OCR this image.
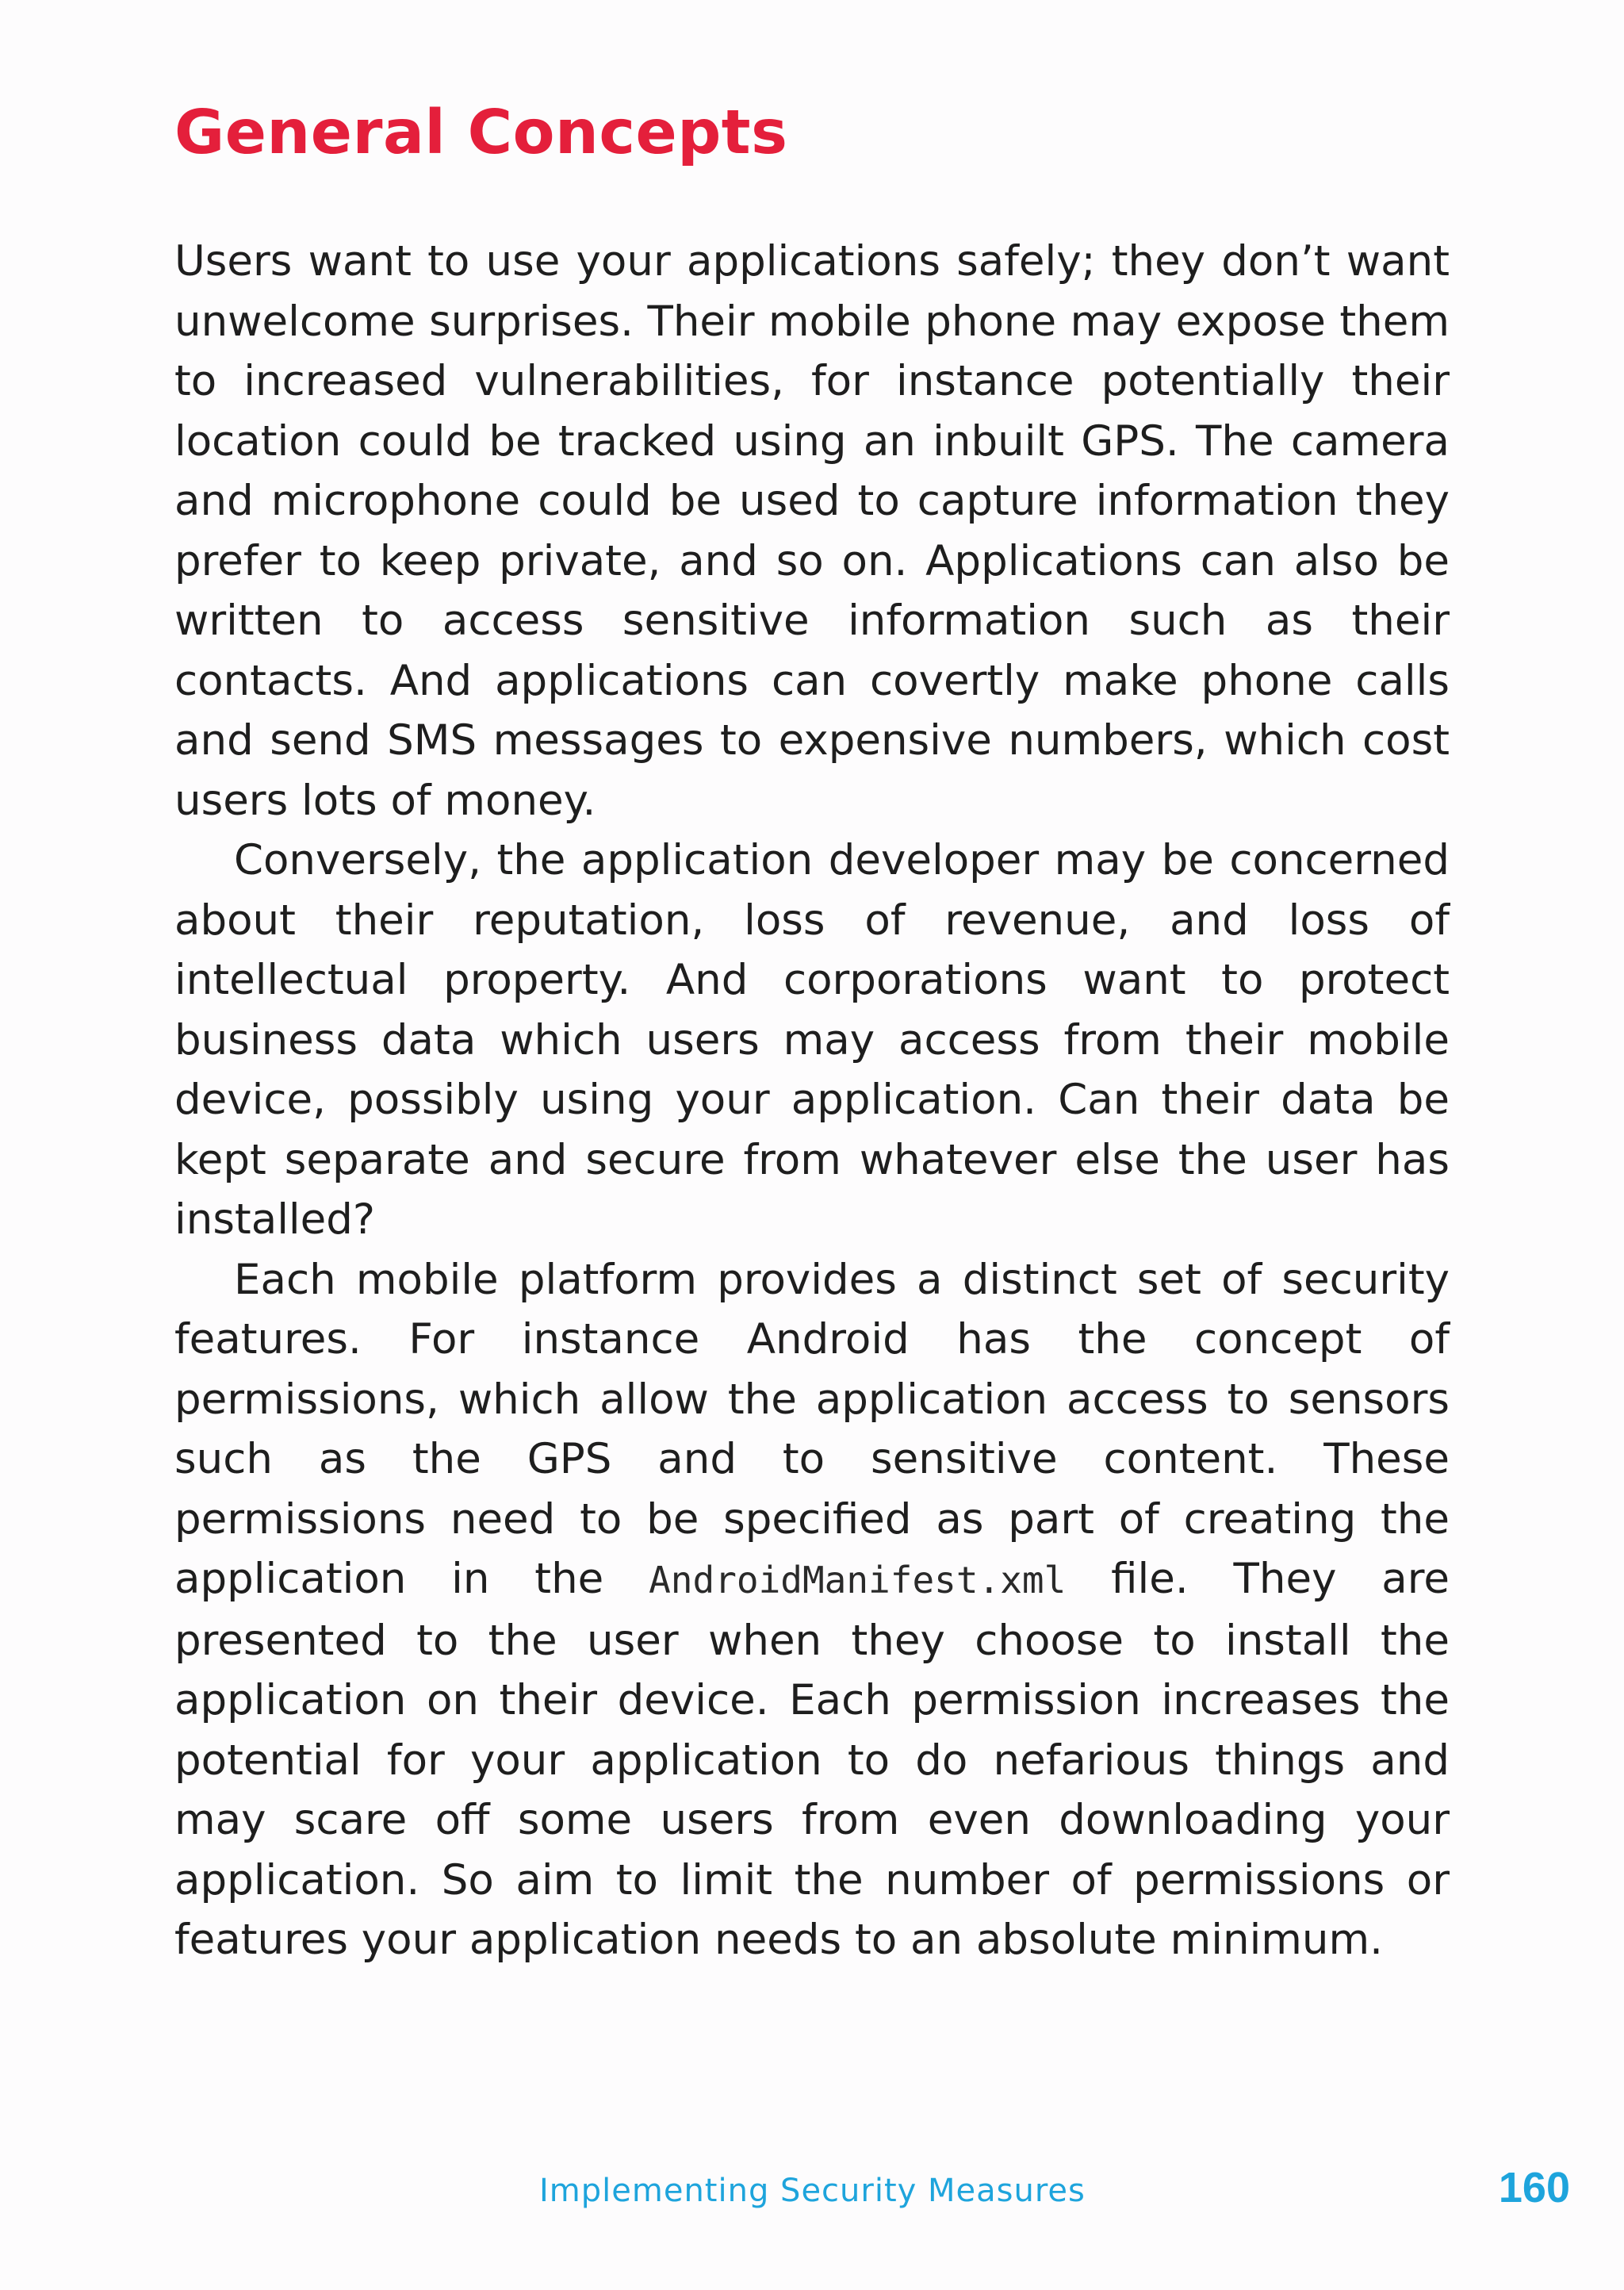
General Concepts

Users want to use your applications safely; they don’t want unwelcome surprises. Their mobile phone may expose them to increased vulnerabilities, for instance potentially their location could be tracked using an inbuilt GPS. The camera and microphone could be used to capture information they prefer to keep private, and so on. Applications can also be written to access sensitive information such as their contacts. And applications can covertly make phone calls and send SMS messages to expensive numbers, which cost users lots of money.

Conversely, the application developer may be concerned about their reputation, loss of revenue, and loss of intellectual property. And corporations want to protect business data which users may access from their mobile device, possibly using your application. Can their data be kept separate and secure from whatever else the user has installed?

Each mobile platform provides a distinct set of security features. For instance Android has the concept of permissions, which allow the application access to sensors such as the GPS and to sensitive content. These permissions need to be specified as part of creating the application in the AndroidManifest.xml file. They are presented to the user when they choose to install the application on their device. Each permission increases the potential for your application to do nefarious things and may scare off some users from even downloading your application. So aim to limit the number of permissions or features your application needs to an absolute minimum.

Implementing Security Measures	160
